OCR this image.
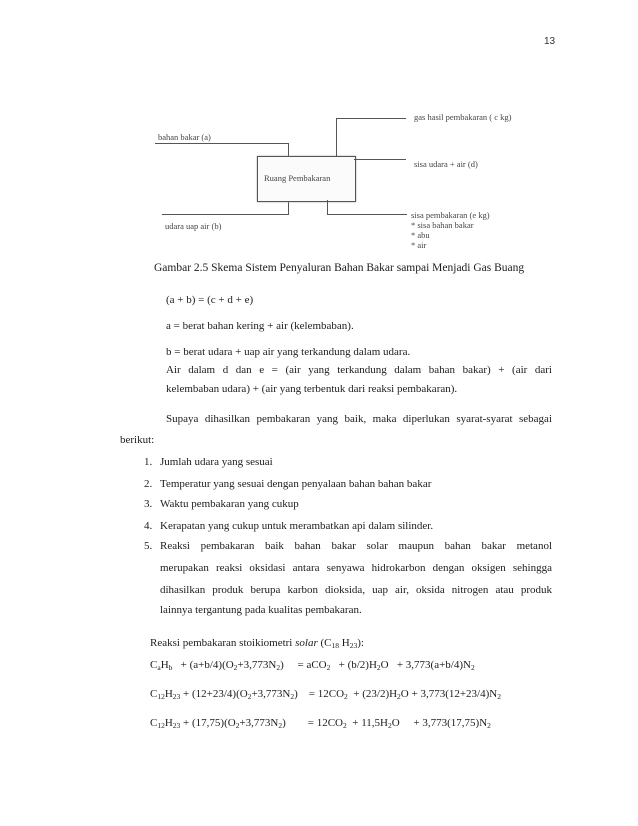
13
bahan bakar (a)
udara uap air (b)
Ruang Pembakaran
gas hasil pembakaran ( c kg)
sisa udara + air (d)
sisa pembakaran (e kg)
* sisa bahan bakar
* abu
* air
Gambar 2.5 Skema Sistem Penyaluran Bahan Bakar sampai Menjadi Gas Buang
(a + b) = (c + d + e)
a = berat bahan kering + air (kelembaban).
b = berat udara + uap air yang terkandung dalam udara.
Air dalam d dan e = (air yang terkandung dalam bahan bakar) + (air dari
kelembaban udara) + (air yang terbentuk dari reaksi pembakaran).
Supaya dihasilkan pembakaran yang baik, maka diperlukan syarat-syarat sebagai
berikut:
1. Jumlah udara yang sesuai
2. Temperatur yang sesuai dengan penyalaan bahan bahan bakar
3. Waktu pembakaran yang cukup
4. Kerapatan yang cukup untuk merambatkan api dalam silinder.
5. Reaksi pembakaran baik bahan bakar solar maupun bahan bakar metanol
merupakan reaksi oksidasi antara senyawa hidrokarbon dengan oksigen sehingga
dihasilkan produk berupa karbon dioksida, uap air, oksida nitrogen atau produk
lainnya tergantung pada kualitas pembakaran.
Reaksi pembakaran stoikiometri solar ($C_{18}$ $H_{23}$):
$C_aH_b + (a+b/4)(O_2+3,773N_2)$     = $aCO_2 + (b/2)H_2O + 3,773(a+b/4)N_2$
$C_{12}H_{23} + (12+23/4)(O_2+3,773N_2)$    = $12CO_2 + (23/2)H_2O + 3,773(12+23/4)N_2$
$C_{12}H_{23} + (17,75)(O_2+3,773N_2)$        = $12CO_2 + 11,5H_2O$     + $3,773(17,75)N_2$
